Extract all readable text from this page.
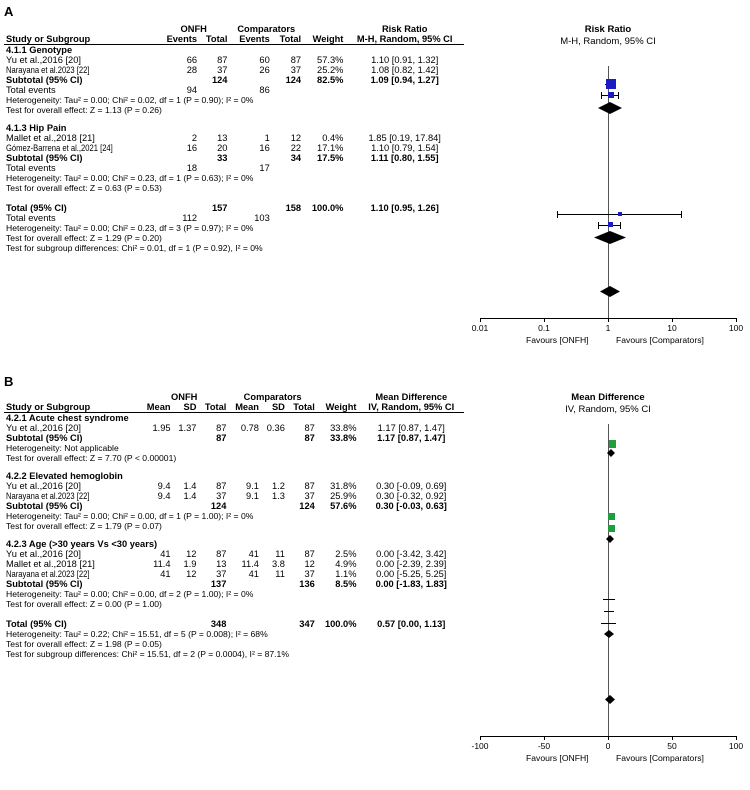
A
	ONFH		Comparators			Risk Ratio
Study or Subgroup	Events	Total	Events	Total	Weight	M-H, Random, 95% CI
4.1.1 Genotype						
Yu et al.,2016 [20]	66	87	60	87	57.3%	1.10 [0.91, 1.32]
Narayana et al.2023 [22]	28	37	26	37	25.2%	1.08 [0.82, 1.42]
Subtotal (95% CI)		124		124	82.5%	1.09 [0.94, 1.27]
Total events	94		86			
Heterogeneity: Tau² = 0.00; Chi² = 0.02, df = 1 (P = 0.90); I² = 0%						
Test for overall effect: Z = 1.13 (P = 0.26)						

4.1.3 Hip Pain						
Mallet et al.,2018 [21]	2	13	1	12	0.4%	1.85 [0.19, 17.84]
Gómez-Barrena et al.,2021 [24]	16	20	16	22	17.1%	1.10 [0.79, 1.54]
Subtotal (95% CI)		33		34	17.5%	1.11 [0.80, 1.55]
Total events	18		17			
Heterogeneity: Tau² = 0.00; Chi² = 0.23, df = 1 (P = 0.63); I² = 0%						
Test for overall effect: Z = 0.63 (P = 0.53)						

Total (95% CI)		157		158	100.0%	1.10 [0.95, 1.26]
Total events	112		103			
Heterogeneity: Tau² = 0.00; Chi² = 0.23, df = 3 (P = 0.97); I² = 0%						
Test for overall effect: Z = 1.29 (P = 0.20)						
Test for subgroup differences: Chi² = 0.01, df = 1 (P = 0.92), I² = 0%						
Risk Ratio
M-H, Random, 95% CI
0.01	0.1	1	10	100
Favours [ONFH]	Favours [Comparators]
B
	ONFH			Comparators				Mean Difference
Study or Subgroup	Mean	SD	Total	Mean	SD	Total	Weight	IV, Random, 95% CI
4.2.1 Acute chest syndrome								
Yu et al.,2016 [20]	1.95	1.37	87	0.78	0.36	87	33.8%	1.17 [0.87, 1.47]
Subtotal (95% CI)			87			87	33.8%	1.17 [0.87, 1.47]
Heterogeneity: Not applicable								
Test for overall effect: Z = 7.70 (P < 0.00001)								

4.2.2 Elevated hemoglobin								
Yu et al.,2016 [20]	9.4	1.4	87	9.1	1.2	87	31.8%	0.30 [-0.09, 0.69]
Narayana et al.2023 [22]	9.4	1.4	37	9.1	1.3	37	25.9%	0.30 [-0.32, 0.92]
Subtotal (95% CI)			124			124	57.6%	0.30 [-0.03, 0.63]
Heterogeneity: Tau² = 0.00; Chi² = 0.00, df = 1 (P = 1.00); I² = 0%								
Test for overall effect: Z = 1.79 (P = 0.07)								

4.2.3 Age (>30 years Vs <30 years)								
Yu et al.,2016 [20]	41	12	87	41	11	87	2.5%	0.00 [-3.42, 3.42]
Mallet et al.,2018 [21]	11.4	1.9	13	11.4	3.8	12	4.9%	0.00 [-2.39, 2.39]
Narayana et al.2023 [22]	41	12	37	41	11	37	1.1%	0.00 [-5.25, 5.25]
Subtotal (95% CI)			137			136	8.5%	0.00 [-1.83, 1.83]
Heterogeneity: Tau² = 0.00; Chi² = 0.00, df = 2 (P = 1.00); I² = 0%								
Test for overall effect: Z = 0.00 (P = 1.00)								

Total (95% CI)			348			347	100.0%	0.57 [0.00, 1.13]
Heterogeneity: Tau² = 0.22; Chi² = 15.51, df = 5 (P = 0.008); I² = 68%								
Test for overall effect: Z = 1.98 (P = 0.05)								
Test for subgroup differences: Chi² = 15.51, df = 2 (P = 0.0004), I² = 87.1%								
Mean Difference
IV, Random, 95% CI
-100	-50	0	50	100
Favours [ONFH]	Favours [Comparators]
